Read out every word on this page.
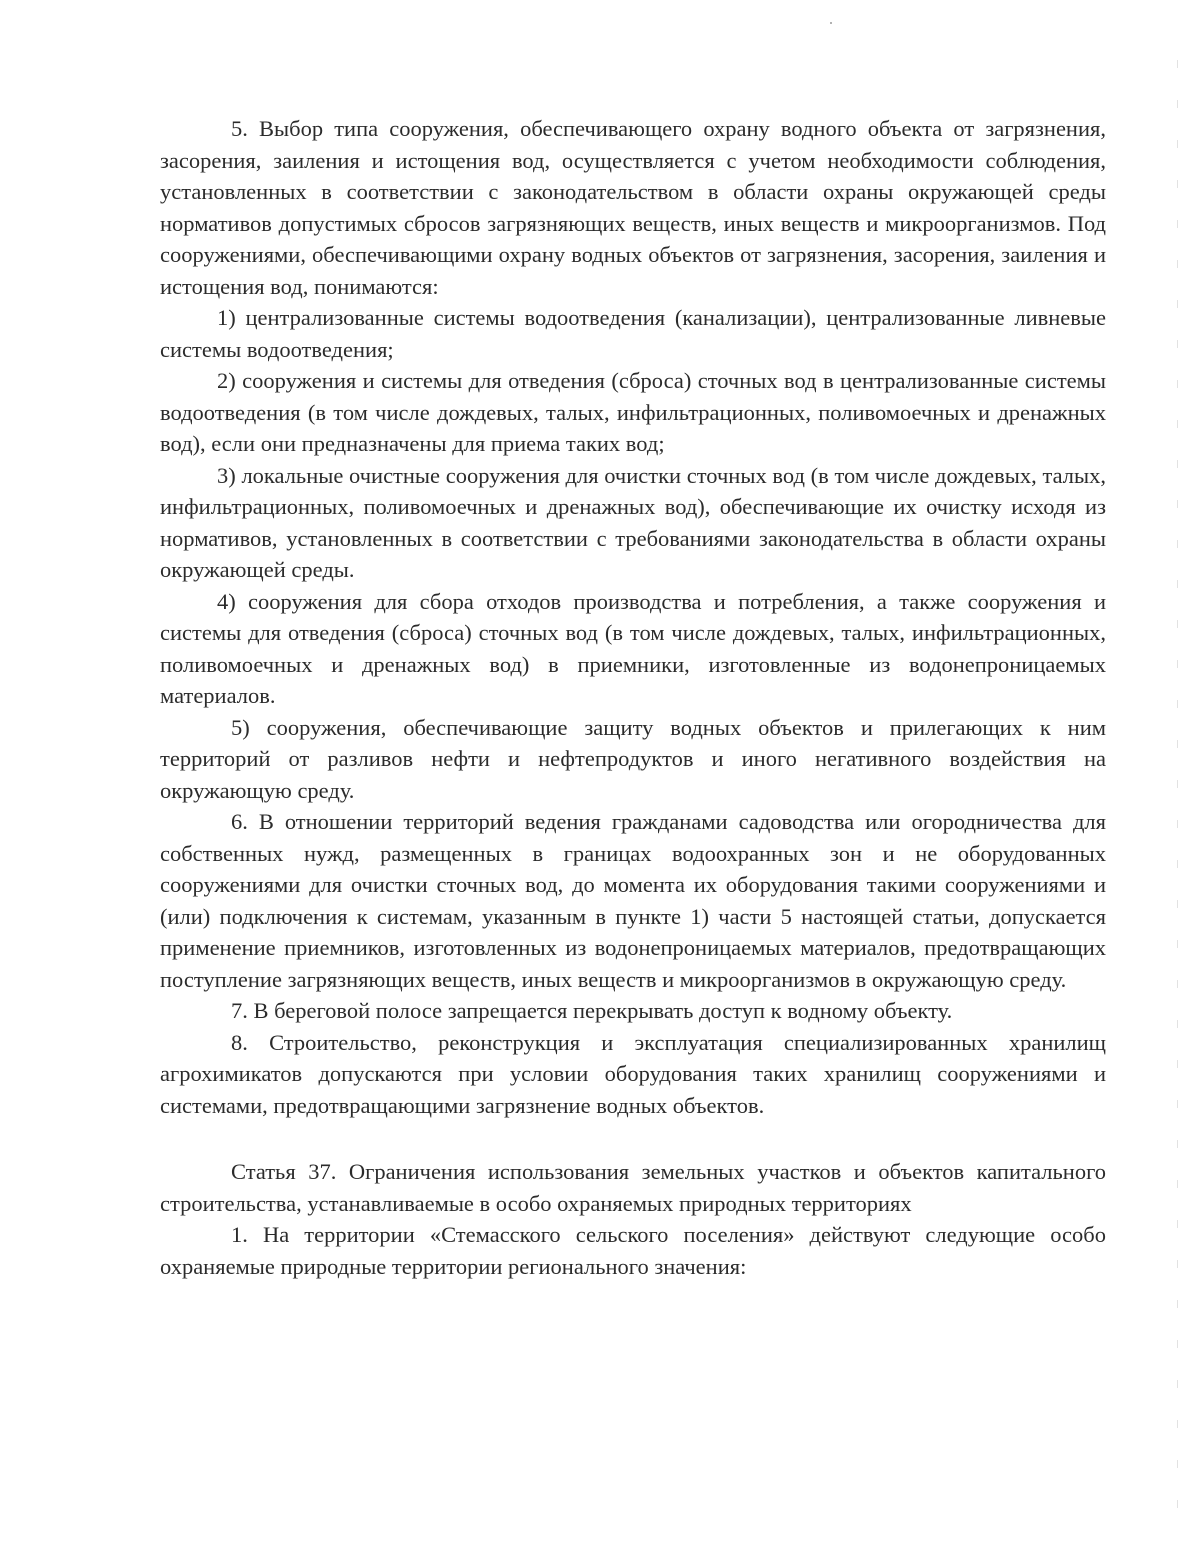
5. Выбор типа сооружения, обеспечивающего охрану водного объекта от загрязнения, засорения, заиления и истощения вод, осуществляется с учетом необходимости соблюдения, установленных в соответствии с законодательством в области охраны окружающей среды нормативов допустимых сбросов загрязняющих веществ, иных веществ и микроорганизмов. Под сооружениями, обеспечивающими охрану водных объектов от загрязнения, засорения, заиления и истощения вод, понимаются:

1) централизованные системы водоотведения (канализации), централизованные ливневые системы водоотведения;

2) сооружения и системы для отведения (сброса) сточных вод в централизованные системы водоотведения (в том числе дождевых, талых, инфильтрационных, поливомоечных и дренажных вод), если они предназначены для приема таких вод;

3) локальные очистные сооружения для очистки сточных вод (в том числе дождевых, талых, инфильтрационных, поливомоечных и дренажных вод), обеспечивающие их очистку исходя из нормативов, установленных в соответствии с требованиями законодательства в области охраны окружающей среды.

4) сооружения для сбора отходов производства и потребления, а также сооружения и системы для отведения (сброса) сточных вод (в том числе дождевых, талых, инфильтрационных, поливомоечных и дренажных вод) в приемники, изготовленные из водонепроницаемых материалов.

5) сооружения, обеспечивающие защиту водных объектов и прилегающих к ним территорий от разливов нефти и нефтепродуктов и иного негативного воздействия на окружающую среду.

6. В отношении территорий ведения гражданами садоводства или огородничества для собственных нужд, размещенных в границах водоохранных зон и не оборудованных сооружениями для очистки сточных вод, до момента их оборудования такими сооружениями и (или) подключения к системам, указанным в пункте 1) части 5 настоящей статьи, допускается применение приемников, изготовленных из водонепроницаемых материалов, предотвращающих поступление загрязняющих веществ, иных веществ и микроорганизмов в окружающую среду.

7. В береговой полосе запрещается перекрывать доступ к водному объекту.

8. Строительство, реконструкция и эксплуатация специализированных хранилищ агрохимикатов допускаются при условии оборудования таких хранилищ сооружениями и системами, предотвращающими загрязнение водных объектов.

Статья 37. Ограничения использования земельных участков и объектов капитального строительства, устанавливаемые в особо охраняемых природных территориях

1. На территории «Стемасского сельского поселения» действуют следующие особо охраняемые природные территории регионального значения:
